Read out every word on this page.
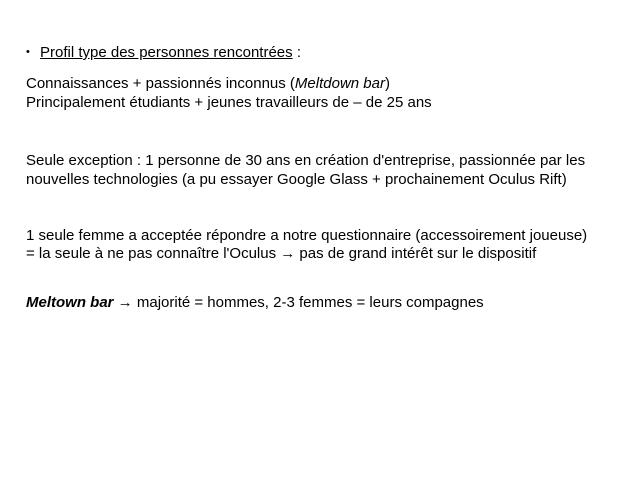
• Profil type des personnes rencontrées :
Connaissances + passionnés inconnus (Meltdown bar)
Principalement étudiants + jeunes travailleurs de – de 25 ans
Seule exception : 1 personne de 30 ans en création d'entreprise, passionnée par les
nouvelles technologies (a pu essayer Google Glass + prochainement Oculus Rift)
1 seule femme a acceptée répondre a notre questionnaire (accessoirement joueuse)
= la seule à ne pas connaître l'Oculus → pas de grand intérêt sur le dispositif
Meltown bar → majorité = hommes, 2-3 femmes = leurs compagnes
